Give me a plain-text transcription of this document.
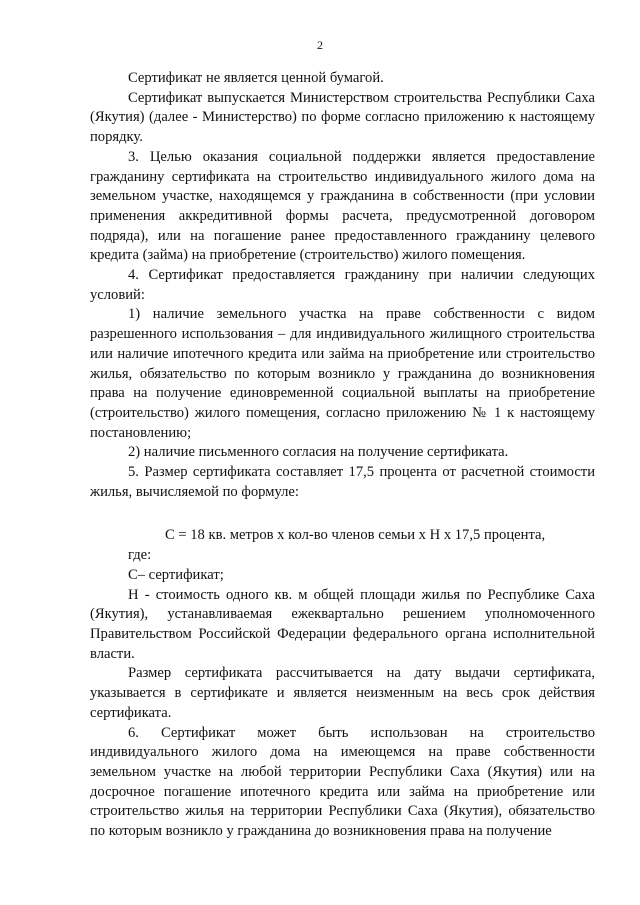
2

Сертификат не является ценной бумагой.

Сертификат выпускается Министерством строительства Республики Саха (Якутия) (далее - Министерство) по форме согласно приложению к настоящему порядку.

3. Целью оказания социальной поддержки является предоставление гражданину сертификата на строительство индивидуального жилого дома на земельном участке, находящемся у гражданина в собственности (при условии применения аккредитивной формы расчета, предусмотренной договором подряда), или на погашение ранее предоставленного гражданину целевого кредита (займа) на приобретение (строительство) жилого помещения.

4. Сертификат предоставляется гражданину при наличии следующих условий:

1) наличие земельного участка на праве собственности с видом разрешенного использования – для индивидуального жилищного строительства или наличие ипотечного кредита или займа на приобретение или строительство жилья, обязательство по которым возникло у гражданина до возникновения права на получение единовременной социальной выплаты на приобретение (строительство) жилого помещения, согласно приложению № 1 к настоящему постановлению;

2) наличие письменного согласия на получение сертификата.

5. Размер сертификата составляет 17,5 процента от расчетной стоимости жилья, вычисляемой по формуле:

С = 18 кв. метров х кол-во членов семьи х Н х 17,5 процента,

где:

С– сертификат;

Н - стоимость одного кв. м общей площади жилья по Республике Саха (Якутия), устанавливаемая ежеквартально решением уполномоченного Правительством Российской Федерации федерального органа исполнительной власти.

Размер сертификата рассчитывается на дату выдачи сертификата, указывается в сертификате и является неизменным на весь срок действия сертификата.

6. Сертификат может быть использован на строительство индивидуального жилого дома на имеющемся на праве собственности земельном участке на любой территории Республики Саха (Якутия) или на досрочное погашение ипотечного кредита или займа на приобретение или строительство жилья на территории Республики Саха (Якутия), обязательство по которым возникло у гражданина до возникновения права на получение
